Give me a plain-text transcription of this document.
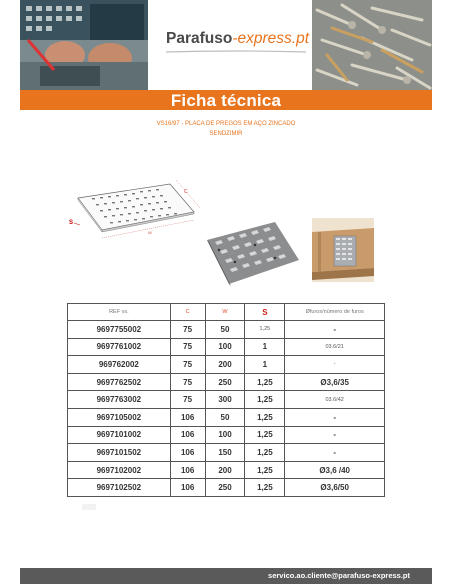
Parafuso-express.pt
Ficha técnica
VS16/97 - PLACA DE PREGOS EM AÇO ZINCADO
SENDZIMIR
C
W
S
REF vs.	C	W	S	Øfuros/número de furos
9697755002	75	50	1,25	-
9697761002	75	100	1	03.6/21
969762002	75	200	1	-
9697762502	75	250	1,25	Ø3,6/35
9697763002	75	300	1,25	03.6/42
9697105002	106	50	1,25	-
9697101002	106	100	1,25	-
9697101502	106	150	1,25	-
9697102002	106	200	1,25	Ø3,6 /40
9697102502	106	250	1,25	Ø3,6/50
servico.ao.cliente@parafuso-express.pt
